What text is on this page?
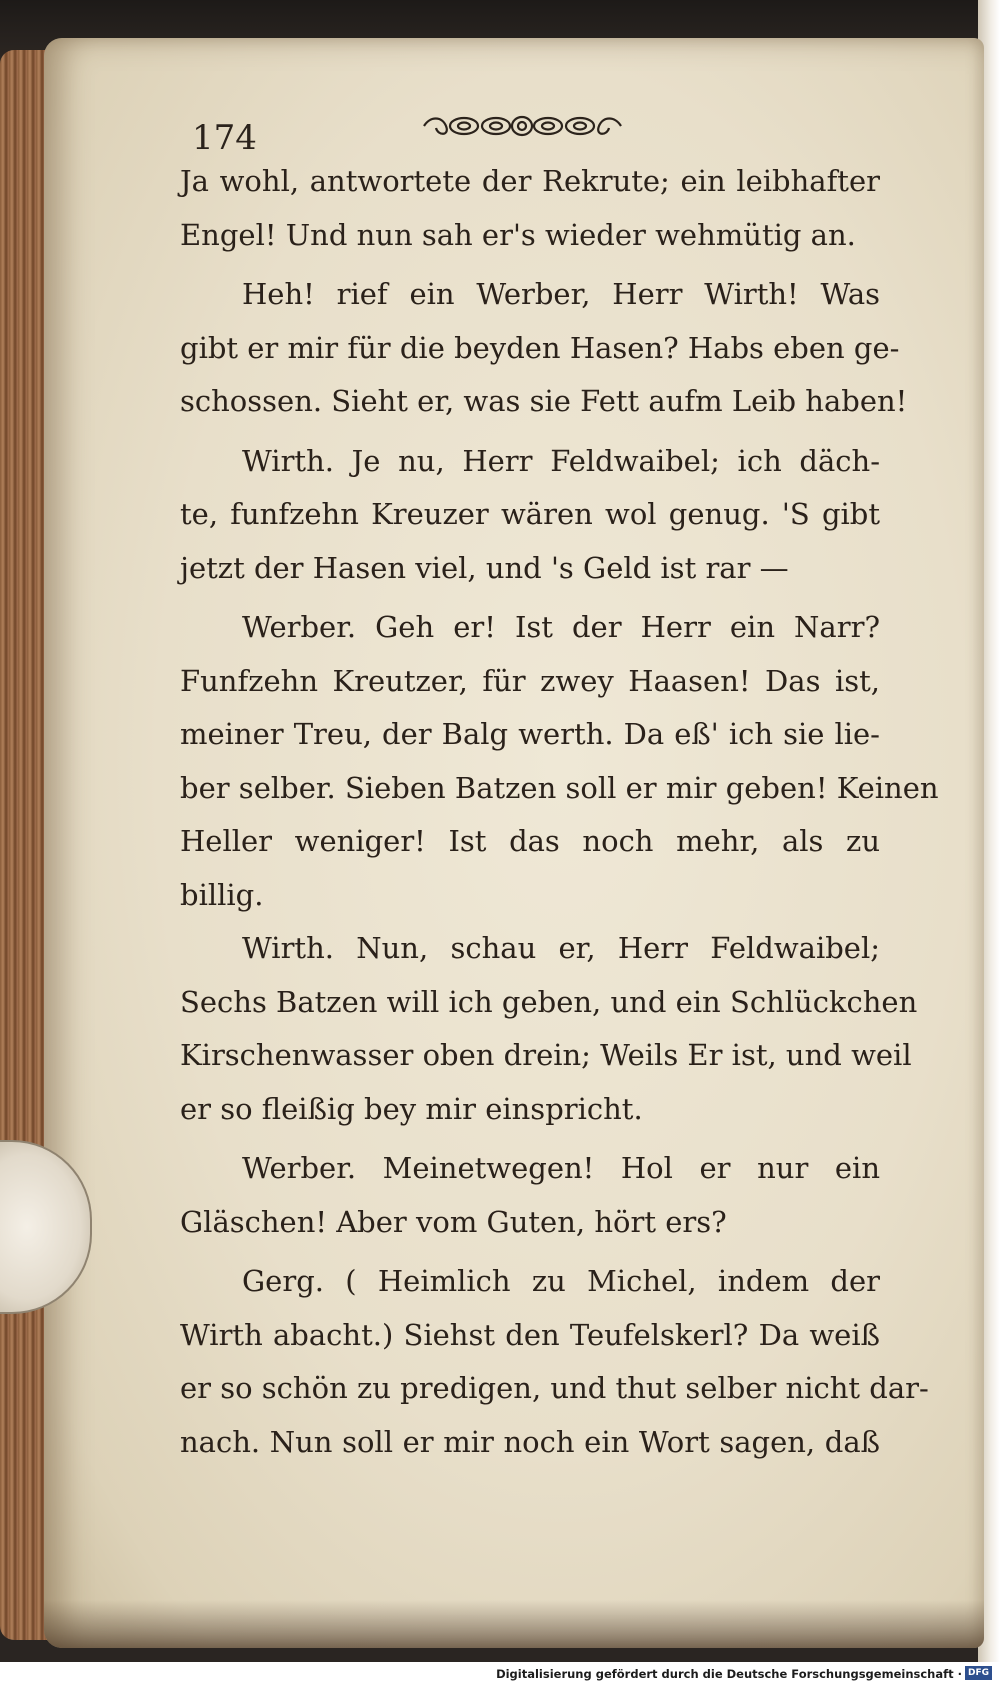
174
Ja wohl, antwortete der Rekrute; ein leibhafter
Engel! Und nun sah er's wieder wehmütig an.
Heh! rief ein Werber, Herr Wirth! Was
gibt er mir für die beyden Hasen? Habs eben ge-
schossen. Sieht er, was sie Fett aufm Leib haben!
Wirth. Je nu, Herr Feldwaibel; ich däch-
te, funfzehn Kreuzer wären wol genug. 'S gibt
jetzt der Hasen viel, und 's Geld ist rar —
Werber. Geh er! Ist der Herr ein Narr?
Funfzehn Kreutzer, für zwey Haasen! Das ist,
meiner Treu, der Balg werth. Da eß' ich sie lie-
ber selber. Sieben Batzen soll er mir geben! Keinen
Heller weniger! Ist das noch mehr, als zu
billig.
Wirth. Nun, schau er, Herr Feldwaibel;
Sechs Batzen will ich geben, und ein Schlückchen
Kirschenwasser oben drein; Weils Er ist, und weil
er so fleißig bey mir einspricht.
Werber. Meinetwegen! Hol er nur ein
Gläschen! Aber vom Guten, hört ers?
Gerg. ( Heimlich zu Michel, indem der
Wirth abacht.) Siehst den Teufelskerl? Da weiß
er so schön zu predigen, und thut selber nicht dar-
nach. Nun soll er mir noch ein Wort sagen, daß
Digitalisierung gefördert durch die Deutsche Forschungsgemeinschaft · DFG
